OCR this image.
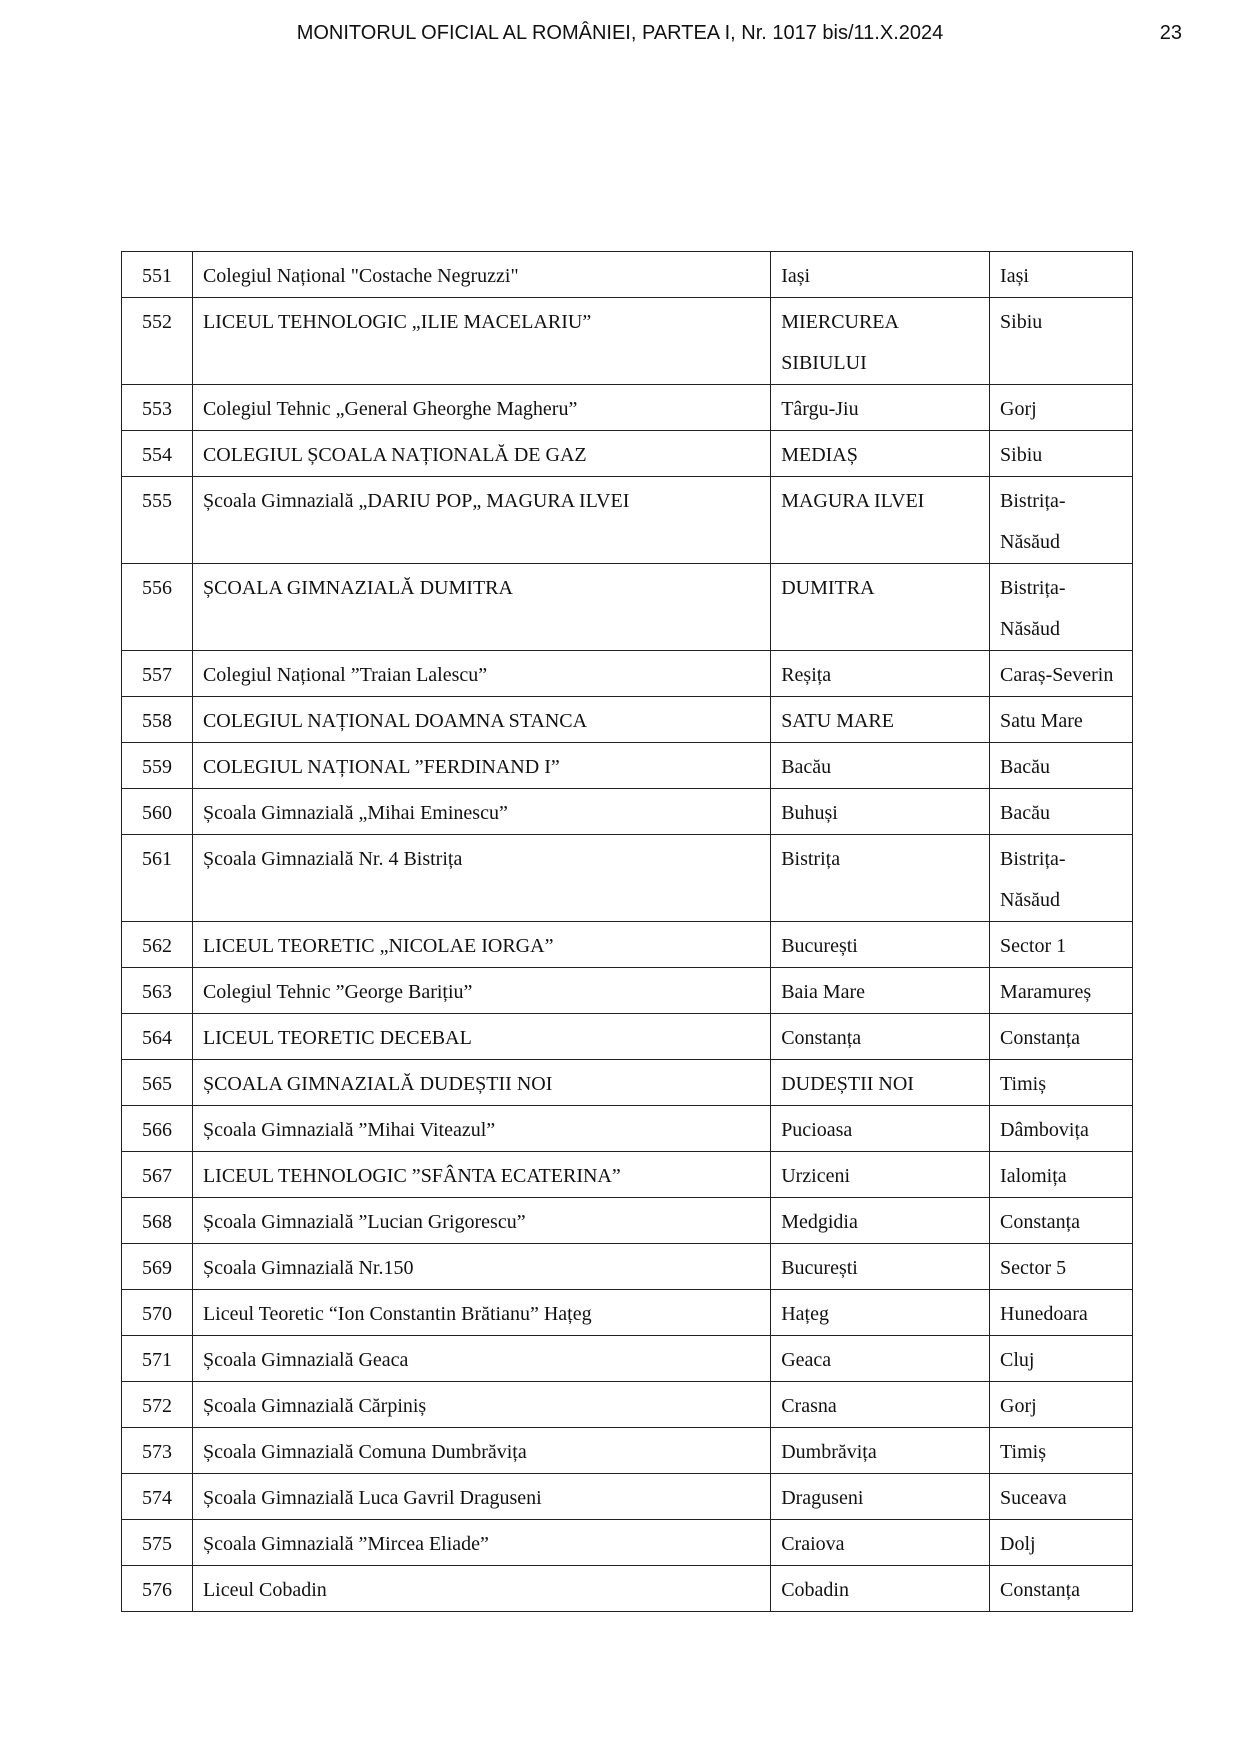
MONITORUL OFICIAL AL ROMÂNIEI, PARTEA I, Nr. 1017 bis/11.X.2024	23
551	Colegiul Național "Costache Negruzzi"	Iași	Iași
552	LICEUL TEHNOLOGIC „ILIE MACELARIU”	MIERCUREA SIBIULUI	Sibiu
553	Colegiul Tehnic „General Gheorghe Magheru”	Târgu-Jiu	Gorj
554	COLEGIUL ȘCOALA NAȚIONALĂ DE GAZ	MEDIAȘ	Sibiu
555	Școala Gimnazială „DARIU POP„ MAGURA ILVEI	MAGURA ILVEI	Bistrița-Năsăud
556	ȘCOALA GIMNAZIALĂ DUMITRA	DUMITRA	Bistrița-Năsăud
557	Colegiul Național ”Traian Lalescu”	Reșița	Caraș-Severin
558	COLEGIUL NAȚIONAL DOAMNA STANCA	SATU MARE	Satu Mare
559	COLEGIUL NAȚIONAL ”FERDINAND I”	Bacău	Bacău
560	Școala Gimnazială „Mihai Eminescu”	Buhuși	Bacău
561	Școala Gimnazială Nr. 4 Bistrița	Bistrița	Bistrița-Năsăud
562	LICEUL TEORETIC „NICOLAE IORGA”	București	Sector 1
563	Colegiul Tehnic ”George Barițiu”	Baia Mare	Maramureș
564	LICEUL TEORETIC DECEBAL	Constanța	Constanța
565	ȘCOALA GIMNAZIALĂ DUDEȘTII NOI	DUDEȘTII NOI	Timiș
566	Școala Gimnazială ”Mihai Viteazul”	Pucioasa	Dâmbovița
567	LICEUL TEHNOLOGIC ”SFÂNTA ECATERINA”	Urziceni	Ialomița
568	Școala Gimnazială ”Lucian Grigorescu”	Medgidia	Constanța
569	Școala Gimnazială Nr.150	București	Sector 5
570	Liceul Teoretic “Ion Constantin Brătianu” Hațeg	Hațeg	Hunedoara
571	Școala Gimnazială Geaca	Geaca	Cluj
572	Școala Gimnazială Cărpiniș	Crasna	Gorj
573	Școala Gimnazială Comuna Dumbrăvița	Dumbrăvița	Timiș
574	Școala Gimnazială Luca Gavril Draguseni	Draguseni	Suceava
575	Școala Gimnazială ”Mircea Eliade”	Craiova	Dolj
576	Liceul Cobadin	Cobadin	Constanța
